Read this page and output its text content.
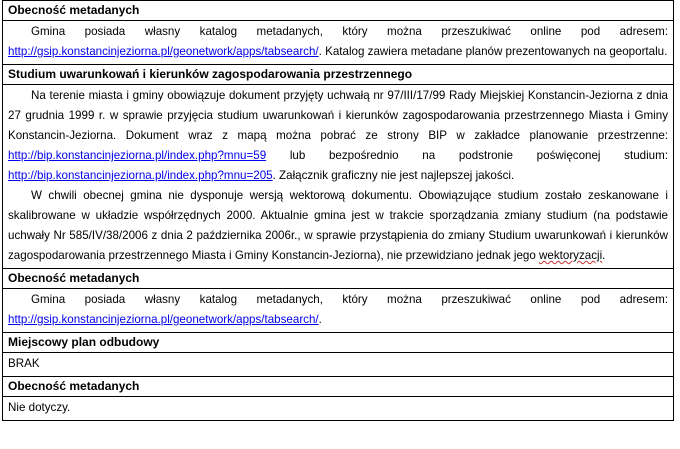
Obecność metadanych

Gmina posiada własny katalog metadanych, który można przeszukiwać online pod adresem: http://gsip.konstancinjeziorna.pl/geonetwork/apps/tabsearch/. Katalog zawiera metadane planów prezentowanych na geoportalu.

Studium uwarunkowań i kierunków zagospodarowania przestrzennego

Na terenie miasta i gminy obowiązuje dokument przyjęty uchwałą nr 97/III/17/99 Rady Miejskiej Konstancin-Jeziorna z dnia 27 grudnia 1999 r. w sprawie przyjęcia studium uwarunkowań i kierunków zagospodarowania przestrzennego Miasta i Gminy Konstancin-Jeziorna. Dokument wraz z mapą można pobrać ze strony BIP w zakładce planowanie przestrzenne: http://bip.konstancinjeziorna.pl/index.php?mnu=59 lub bezpośrednio na podstronie poświęconej studium: http://bip.konstancinjeziorna.pl/index.php?mnu=205. Załącznik graficzny nie jest najlepszej jakości.

W chwili obecnej gmina nie dysponuje wersją wektorową dokumentu. Obowiązujące studium zostało zeskanowane i skalibrowane w układzie współrzędnych 2000. Aktualnie gmina jest w trakcie sporządzania zmiany studium (na podstawie uchwały Nr 585/IV/38/2006 z dnia 2 października 2006r., w sprawie przystąpienia do zmiany Studium uwarunkowań i kierunków zagospodarowania przestrzennego Miasta i Gminy Konstancin-Jeziorna), nie przewidziano jednak jego wektoryzacji.

Obecność metadanych

Gmina posiada własny katalog metadanych, który można przeszukiwać online pod adresem: http://gsip.konstancinjeziorna.pl/geonetwork/apps/tabsearch/.

Miejscowy plan odbudowy

BRAK

Obecność metadanych

Nie dotyczy.
